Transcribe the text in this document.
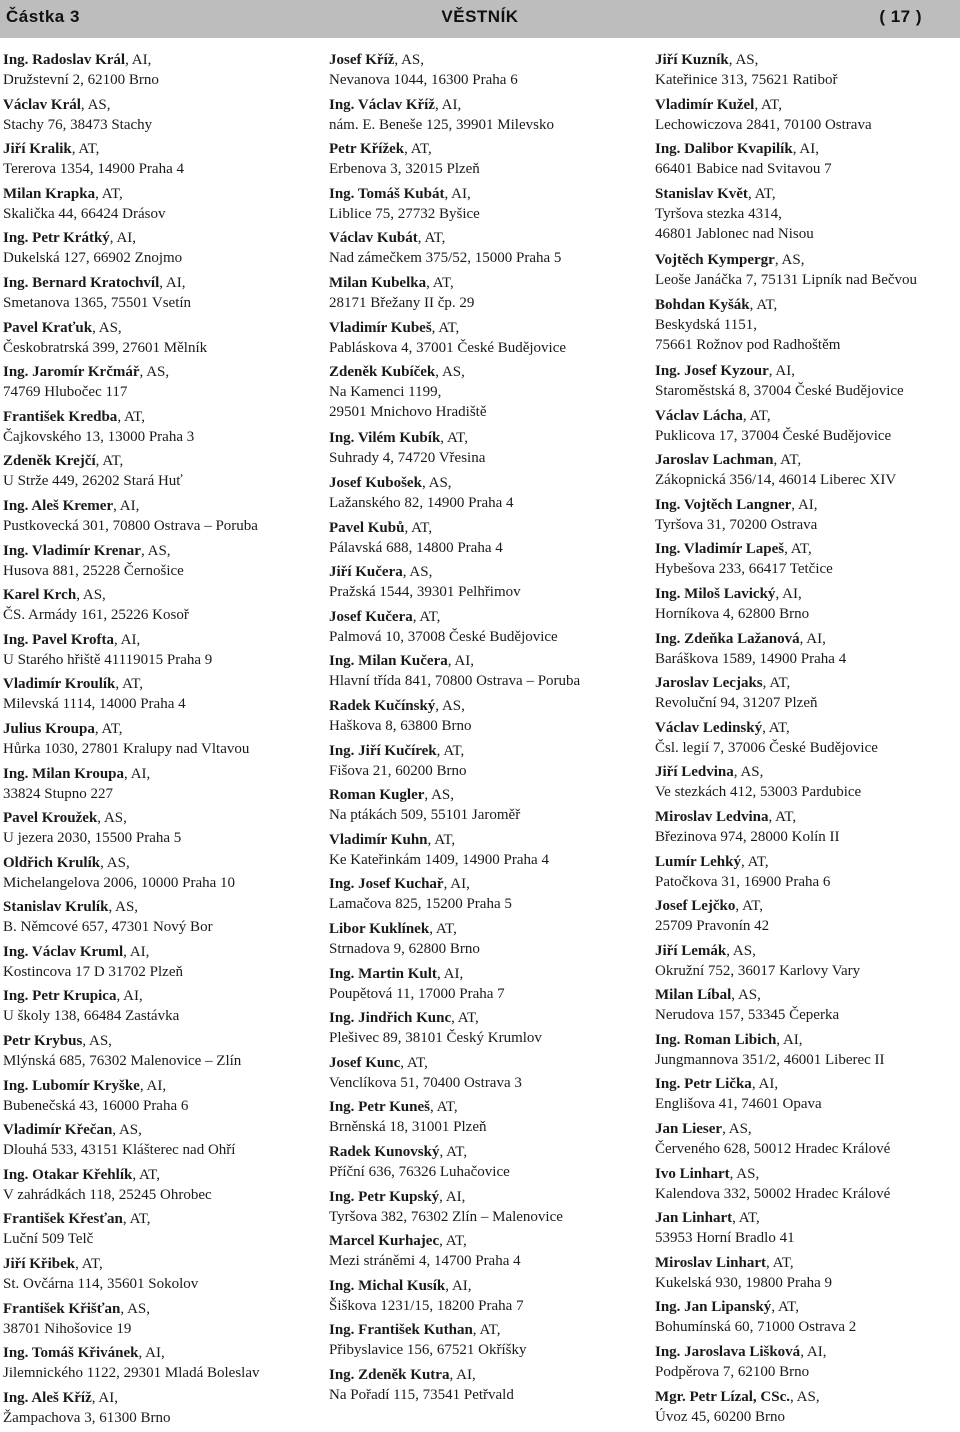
Částka 3	VĚSTNÍK	( 17 )
Ing. Radoslav Král, AI,
Družstevní 2, 62100 Brno
Václav Král, AS,
Stachy 76, 38473 Stachy
Jiří Kralik, AT,
Tererova 1354, 14900 Praha 4
Milan Krapka, AT,
Skalička 44, 66424 Drásov
Ing. Petr Krátký, AI,
Dukelská 127, 66902 Znojmo
Ing. Bernard Kratochvíl, AI,
Smetanova 1365, 75501 Vsetín
Pavel Kraťuk, AS,
Českobratrská 399, 27601 Mělník
Ing. Jaromír Krčmář, AS,
74769 Hlubočec 117
František Kredba, AT,
Čajkovského 13, 13000 Praha 3
Zdeněk Krejčí, AT,
U Strže 449, 26202 Stará Huť
Ing. Aleš Kremer, AI,
Pustkovecká 301, 70800 Ostrava – Poruba
Ing. Vladimír Krenar, AS,
Husova 881, 25228 Černošice
Karel Krch, AS,
ČS. Armády 161, 25226 Kosoř
Ing. Pavel Krofta, AI,
U Starého hřiště 41119015 Praha 9
Vladimír Kroulík, AT,
Milevská 1114, 14000 Praha 4
Julius Kroupa, AT,
Hůrka 1030, 27801 Kralupy nad Vltavou
Ing. Milan Kroupa, AI,
33824 Stupno 227
Pavel Kroužek, AS,
U jezera 2030, 15500 Praha 5
Oldřich Krulík, AS,
Michelangelova 2006, 10000 Praha 10
Stanislav Krulík, AS,
B. Němcové 657, 47301 Nový Bor
Ing. Václav Kruml, AI,
Kostincova 17 D 31702 Plzeň
Ing. Petr Krupica, AI,
U školy 138, 66484 Zastávka
Petr Krybus, AS,
Mlýnská 685, 76302 Malenovice – Zlín
Ing. Lubomír Kryške, AI,
Bubenečská 43, 16000 Praha 6
Vladimír Křečan, AS,
Dlouhá 533, 43151 Klášterec nad Ohří
Ing. Otakar Křehlík, AT,
V zahrádkách 118, 25245 Ohrobec
František Křesťan, AT,
Luční 509 Telč
Jiří Křibek, AT,
St. Ovčárna 114, 35601 Sokolov
František Křišťan, AS,
38701 Nihošovice 19
Ing. Tomáš Křivánek, AI,
Jilemnického 1122, 29301 Mladá Boleslav
Ing. Aleš Kříž, AI,
Žampachova 3, 61300 Brno
Josef Kříž, AS,
Nevanova 1044, 16300 Praha 6
Ing. Václav Kříž, AI,
nám. E. Beneše 125, 39901 Milevsko
Petr Křížek, AT,
Erbenova 3, 32015 Plzeň
Ing. Tomáš Kubát, AI,
Liblice 75, 27732 Byšice
Václav Kubát, AT,
Nad zámečkem 375/52, 15000 Praha 5
Milan Kubelka, AT,
28171 Břežany II čp. 29
Vladimír Kubeš, AT,
Pabláskova 4, 37001 České Budějovice
Zdeněk Kubíček, AS,
Na Kamenci 1199,
29501 Mnichovo Hradiště
Ing. Vilém Kubík, AT,
Suhrady 4, 74720 Vřesina
Josef Kubošek, AS,
Lažanského 82, 14900 Praha 4
Pavel Kubů, AT,
Pálavská 688, 14800 Praha 4
Jiří Kučera, AS,
Pražská 1544, 39301 Pelhřimov
Josef Kučera, AT,
Palmová 10, 37008 České Budějovice
Ing. Milan Kučera, AI,
Hlavní třída 841, 70800 Ostrava – Poruba
Radek Kučínský, AS,
Haškova 8, 63800 Brno
Ing. Jiří Kučírek, AT,
Fišova 21, 60200 Brno
Roman Kugler, AS,
Na ptákách 509, 55101 Jaroměř
Vladimír Kuhn, AT,
Ke Kateřinkám 1409, 14900 Praha 4
Ing. Josef Kuchař, AI,
Lamačova 825, 15200 Praha 5
Libor Kuklínek, AT,
Strnadova 9, 62800 Brno
Ing. Martin Kult, AI,
Poupětová 11, 17000 Praha 7
Ing. Jindřich Kunc, AT,
Plešivec 89, 38101 Český Krumlov
Josef Kunc, AT,
Venclíkova 51, 70400 Ostrava 3
Ing. Petr Kuneš, AT,
Brněnská 18, 31001 Plzeň
Radek Kunovský, AT,
Příční 636, 76326 Luhačovice
Ing. Petr Kupský, AI,
Tyršova 382, 76302 Zlín – Malenovice
Marcel Kurhajec, AT,
Mezi stráněmi 4, 14700 Praha 4
Ing. Michal Kusík, AI,
Šiškova 1231/15, 18200 Praha 7
Ing. František Kuthan, AT,
Přibyslavice 156, 67521 Okříšky
Ing. Zdeněk Kutra, AI,
Na Pořadí 115, 73541 Petřvald
Jiří Kuzník, AS,
Kateřinice 313, 75621 Ratiboř
Vladimír Kužel, AT,
Lechowiczova 2841, 70100 Ostrava
Ing. Dalibor Kvapilík, AI,
66401 Babice nad Svitavou 7
Stanislav Květ, AT,
Tyršova stezka 4314,
46801 Jablonec nad Nisou
Vojtěch Kympergr, AS,
Leoše Janáčka 7, 75131 Lipník nad Bečvou
Bohdan Kyšák, AT,
Beskydská 1151,
75661 Rožnov pod Radhoštěm
Ing. Josef Kyzour, AI,
Staroměstská 8, 37004 České Budějovice
Václav Lácha, AT,
Puklicova 17, 37004 České Budějovice
Jaroslav Lachman, AT,
Zákopnická 356/14, 46014 Liberec XIV
Ing. Vojtěch Langner, AI,
Tyršova 31, 70200 Ostrava
Ing. Vladimír Lapeš, AT,
Hybešova 233, 66417 Tetčice
Ing. Miloš Lavický, AI,
Horníkova 4, 62800 Brno
Ing. Zdeňka Lažanová, AI,
Baráškova 1589, 14900 Praha 4
Jaroslav Lecjaks, AT,
Revoluční 94, 31207 Plzeň
Václav Ledinský, AT,
Čsl. legií 7, 37006 České Budějovice
Jiří Ledvina, AS,
Ve stezkách 412, 53003 Pardubice
Miroslav Ledvina, AT,
Březinova 974, 28000 Kolín II
Lumír Lehký, AT,
Patočkova 31, 16900 Praha 6
Josef Lejčko, AT,
25709 Pravonín 42
Jiří Lemák, AS,
Okružní 752, 36017 Karlovy Vary
Milan Líbal, AS,
Nerudova 157, 53345 Čeperka
Ing. Roman Libich, AI,
Jungmannova 351/2, 46001 Liberec II
Ing. Petr Lička, AI,
Englišova 41, 74601 Opava
Jan Lieser, AS,
Červeného 628, 50012 Hradec Králové
Ivo Linhart, AS,
Kalendova 332, 50002 Hradec Králové
Jan Linhart, AT,
53953 Horní Bradlo 41
Miroslav Linhart, AT,
Kukelská 930, 19800 Praha 9
Ing. Jan Lipanský, AT,
Bohumínská 60, 71000 Ostrava 2
Ing. Jaroslava Lišková, AI,
Podpěrova 7, 62100 Brno
Mgr. Petr Lízal, CSc., AS,
Úvoz 45, 60200 Brno
